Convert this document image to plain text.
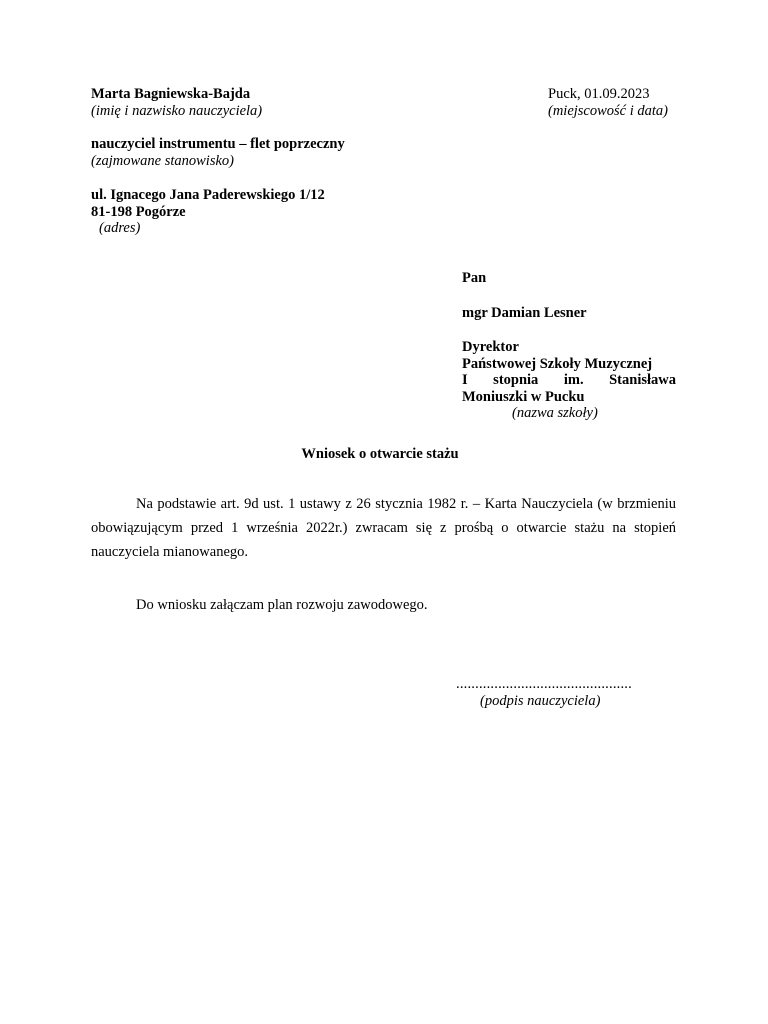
Marta Bagniewska-Bajda
(imię i nazwisko nauczyciela)
nauczyciel instrumentu – flet poprzeczny
(zajmowane stanowisko)
ul. Ignacego Jana Paderewskiego 1/12
81-198 Pogórze
(adres)
Puck, 01.09.2023
(miejscowość i data)
Pan
mgr Damian Lesner
Dyrektor
Państwowej Szkoły Muzycznej
I stopnia im. Stanisława
Moniuszki w Pucku
(nazwa szkoły)
Wniosek o otwarcie stażu

Na podstawie art. 9d ust. 1 ustawy z 26 stycznia 1982 r. – Karta Nauczyciela (w brzmieniu obowiązującym przed 1 września 2022r.) zwracam się z prośbą o otwarcie stażu na stopień nauczyciela mianowanego.

Do wniosku załączam plan rozwoju zawodowego.
..............................................
(podpis nauczyciela)
